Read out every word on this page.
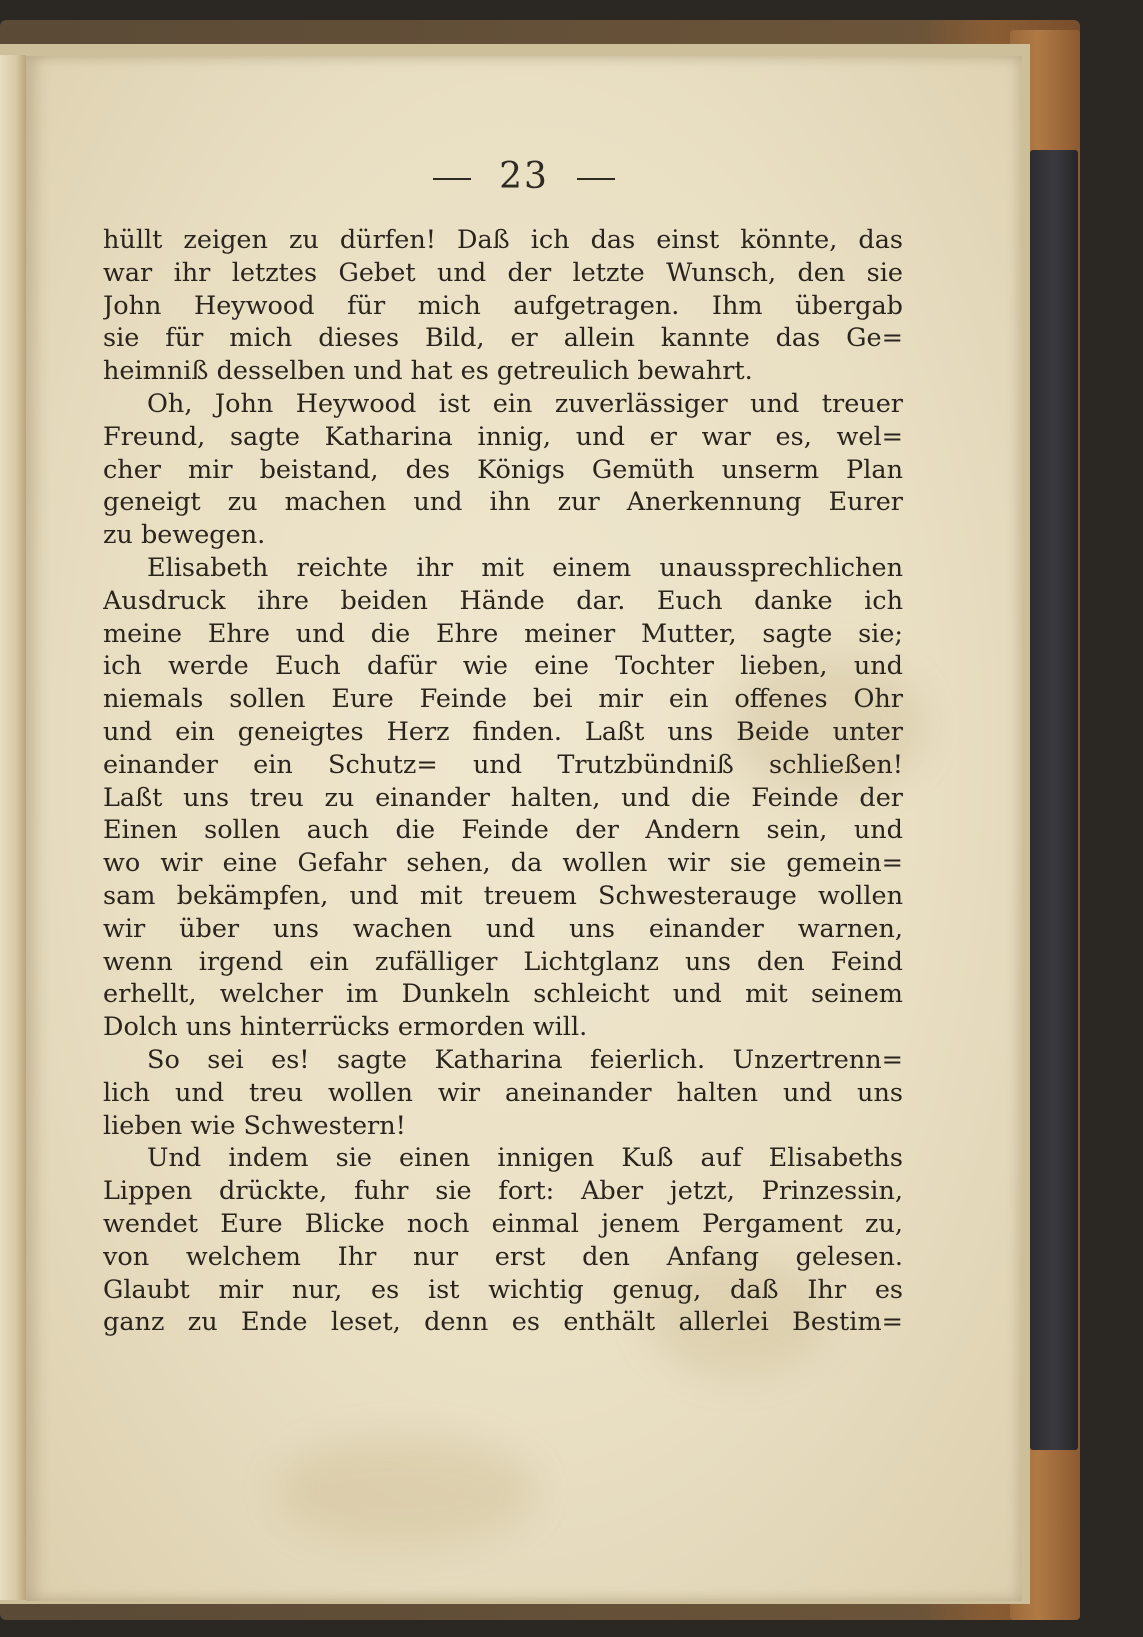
23
hüllt zeigen zu dürfen! Daß ich das einst könnte, das
war ihr letztes Gebet und der letzte Wunsch, den sie
John Heywood für mich aufgetragen. Ihm übergab
sie für mich dieses Bild, er allein kannte das Ge=
heimniß desselben und hat es getreulich bewahrt.
Oh, John Heywood ist ein zuverlässiger und treuer
Freund, sagte Katharina innig, und er war es, wel=
cher mir beistand, des Königs Gemüth unserm Plan
geneigt zu machen und ihn zur Anerkennung Eurer
zu bewegen.
Elisabeth reichte ihr mit einem unaussprechlichen
Ausdruck ihre beiden Hände dar. Euch danke ich
meine Ehre und die Ehre meiner Mutter, sagte sie;
ich werde Euch dafür wie eine Tochter lieben, und
niemals sollen Eure Feinde bei mir ein offenes Ohr
und ein geneigtes Herz finden. Laßt uns Beide unter
einander ein Schutz= und Trutzbündniß schließen!
Laßt uns treu zu einander halten, und die Feinde der
Einen sollen auch die Feinde der Andern sein, und
wo wir eine Gefahr sehen, da wollen wir sie gemein=
sam bekämpfen, und mit treuem Schwesterauge wollen
wir über uns wachen und uns einander warnen,
wenn irgend ein zufälliger Lichtglanz uns den Feind
erhellt, welcher im Dunkeln schleicht und mit seinem
Dolch uns hinterrücks ermorden will.
So sei es! sagte Katharina feierlich. Unzertrenn=
lich und treu wollen wir aneinander halten und uns
lieben wie Schwestern!
Und indem sie einen innigen Kuß auf Elisabeths
Lippen drückte, fuhr sie fort: Aber jetzt, Prinzessin,
wendet Eure Blicke noch einmal jenem Pergament zu,
von welchem Ihr nur erst den Anfang gelesen.
Glaubt mir nur, es ist wichtig genug, daß Ihr es
ganz zu Ende leset, denn es enthält allerlei Bestim=
